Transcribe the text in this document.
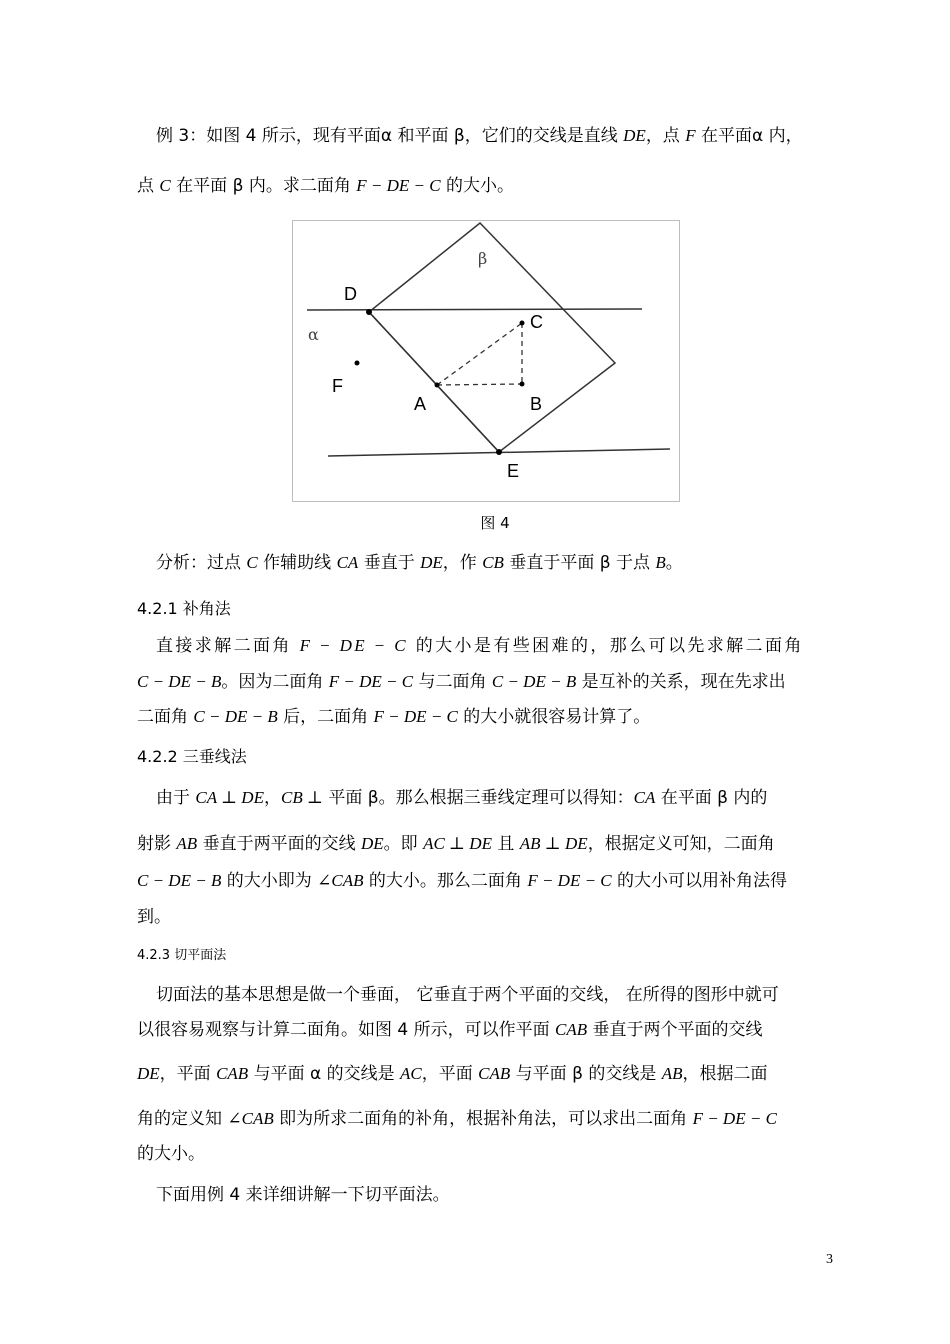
例 3：如图 4 所示，现有平面α 和平面 β，它们的交线是直线 DE，点 F 在平面α 内，
点 C 在平面 β 内。求二面角 F − DE − C 的大小。
D
C
F
A	B
E
α
β
图 4
分析：过点 C 作辅助线 CA 垂直于 DE，作 CB 垂直于平面 β 于点 B。
4.2.1 补角法
直接求解二面角 F − DE − C 的大小是有些困难的，那么可以先求解二面角
C − DE − B。因为二面角 F − DE − C 与二面角 C − DE − B 是互补的关系，现在先求出
二面角 C − DE − B 后，二面角 F − DE − C 的大小就很容易计算了。
4.2.2 三垂线法
由于 CA ⊥ DE，CB ⊥ 平面 β。那么根据三垂线定理可以得知：CA 在平面 β 内的
射影 AB 垂直于两平面的交线 DE。即 AC ⊥ DE 且 AB ⊥ DE，根据定义可知，二面角
C − DE − B 的大小即为 ∠CAB 的大小。那么二面角 F − DE − C 的大小可以用补角法得
到。
4.2.3 切平面法
切面法的基本思想是做一个垂面， 它垂直于两个平面的交线， 在所得的图形中就可
以很容易观察与计算二面角。如图 4 所示，可以作平面 CAB 垂直于两个平面的交线
DE，平面 CAB 与平面 α 的交线是 AC，平面 CAB 与平面 β 的交线是 AB，根据二面
角的定义知 ∠CAB 即为所求二面角的补角，根据补角法，可以求出二面角 F − DE − C
的大小。
下面用例 4 来详细讲解一下切平面法。
3
